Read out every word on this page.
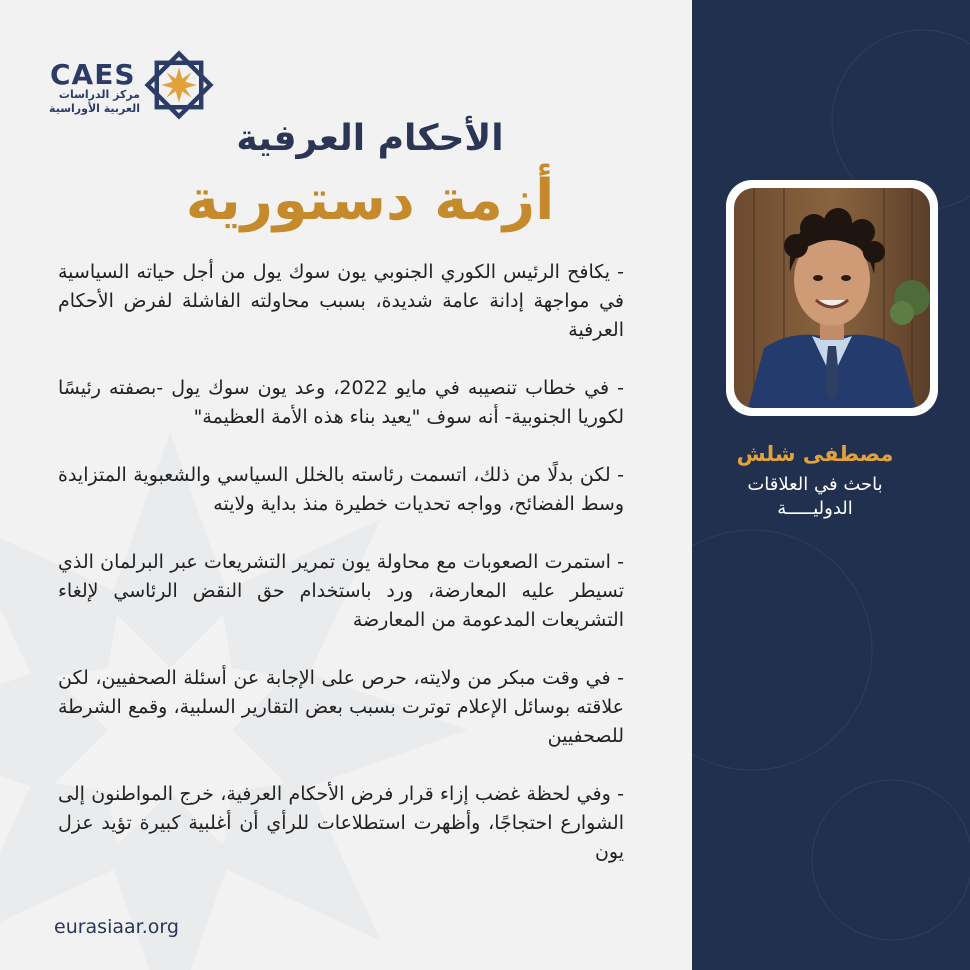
CAES
مركز الدراسات
العربية الأوراسية
الأحكام العرفية
أزمة دستورية

- يكافح الرئيس الكوري الجنوبي يون سوك يول من أجل حياته السياسية في مواجهة إدانة عامة شديدة، بسبب محاولته الفاشلة لفرض الأحكام العرفية

- في خطاب تنصيبه في مايو 2022، وعد يون سوك يول -بصفته رئيسًا لكوريا الجنوبية- أنه سوف "يعيد بناء هذه الأمة العظيمة"

- لكن بدلًا من ذلك، اتسمت رئاسته بالخلل السياسي والشعبوية المتزايدة وسط الفضائح، وواجه تحديات خطيرة منذ بداية ولايته

- استمرت الصعوبات مع محاولة يون تمرير التشريعات عبر البرلمان الذي تسيطر عليه المعارضة، ورد باستخدام حق النقض الرئاسي لإلغاء التشريعات المدعومة من المعارضة

- في وقت مبكر من ولايته، حرص على الإجابة عن أسئلة الصحفيين، لكن علاقته بوسائل الإعلام توترت بسبب بعض التقارير السلبية، وقمع الشرطة للصحفيين

- وفي لحظة غضب إزاء قرار فرض الأحكام العرفية، خرج المواطنون إلى الشوارع احتجاجًا، وأظهرت استطلاعات للرأي أن أغلبية كبيرة تؤيد عزل يون

eurasiaar.org
مصطفى شلش
باحث في العلاقات
الدوليـــــة
